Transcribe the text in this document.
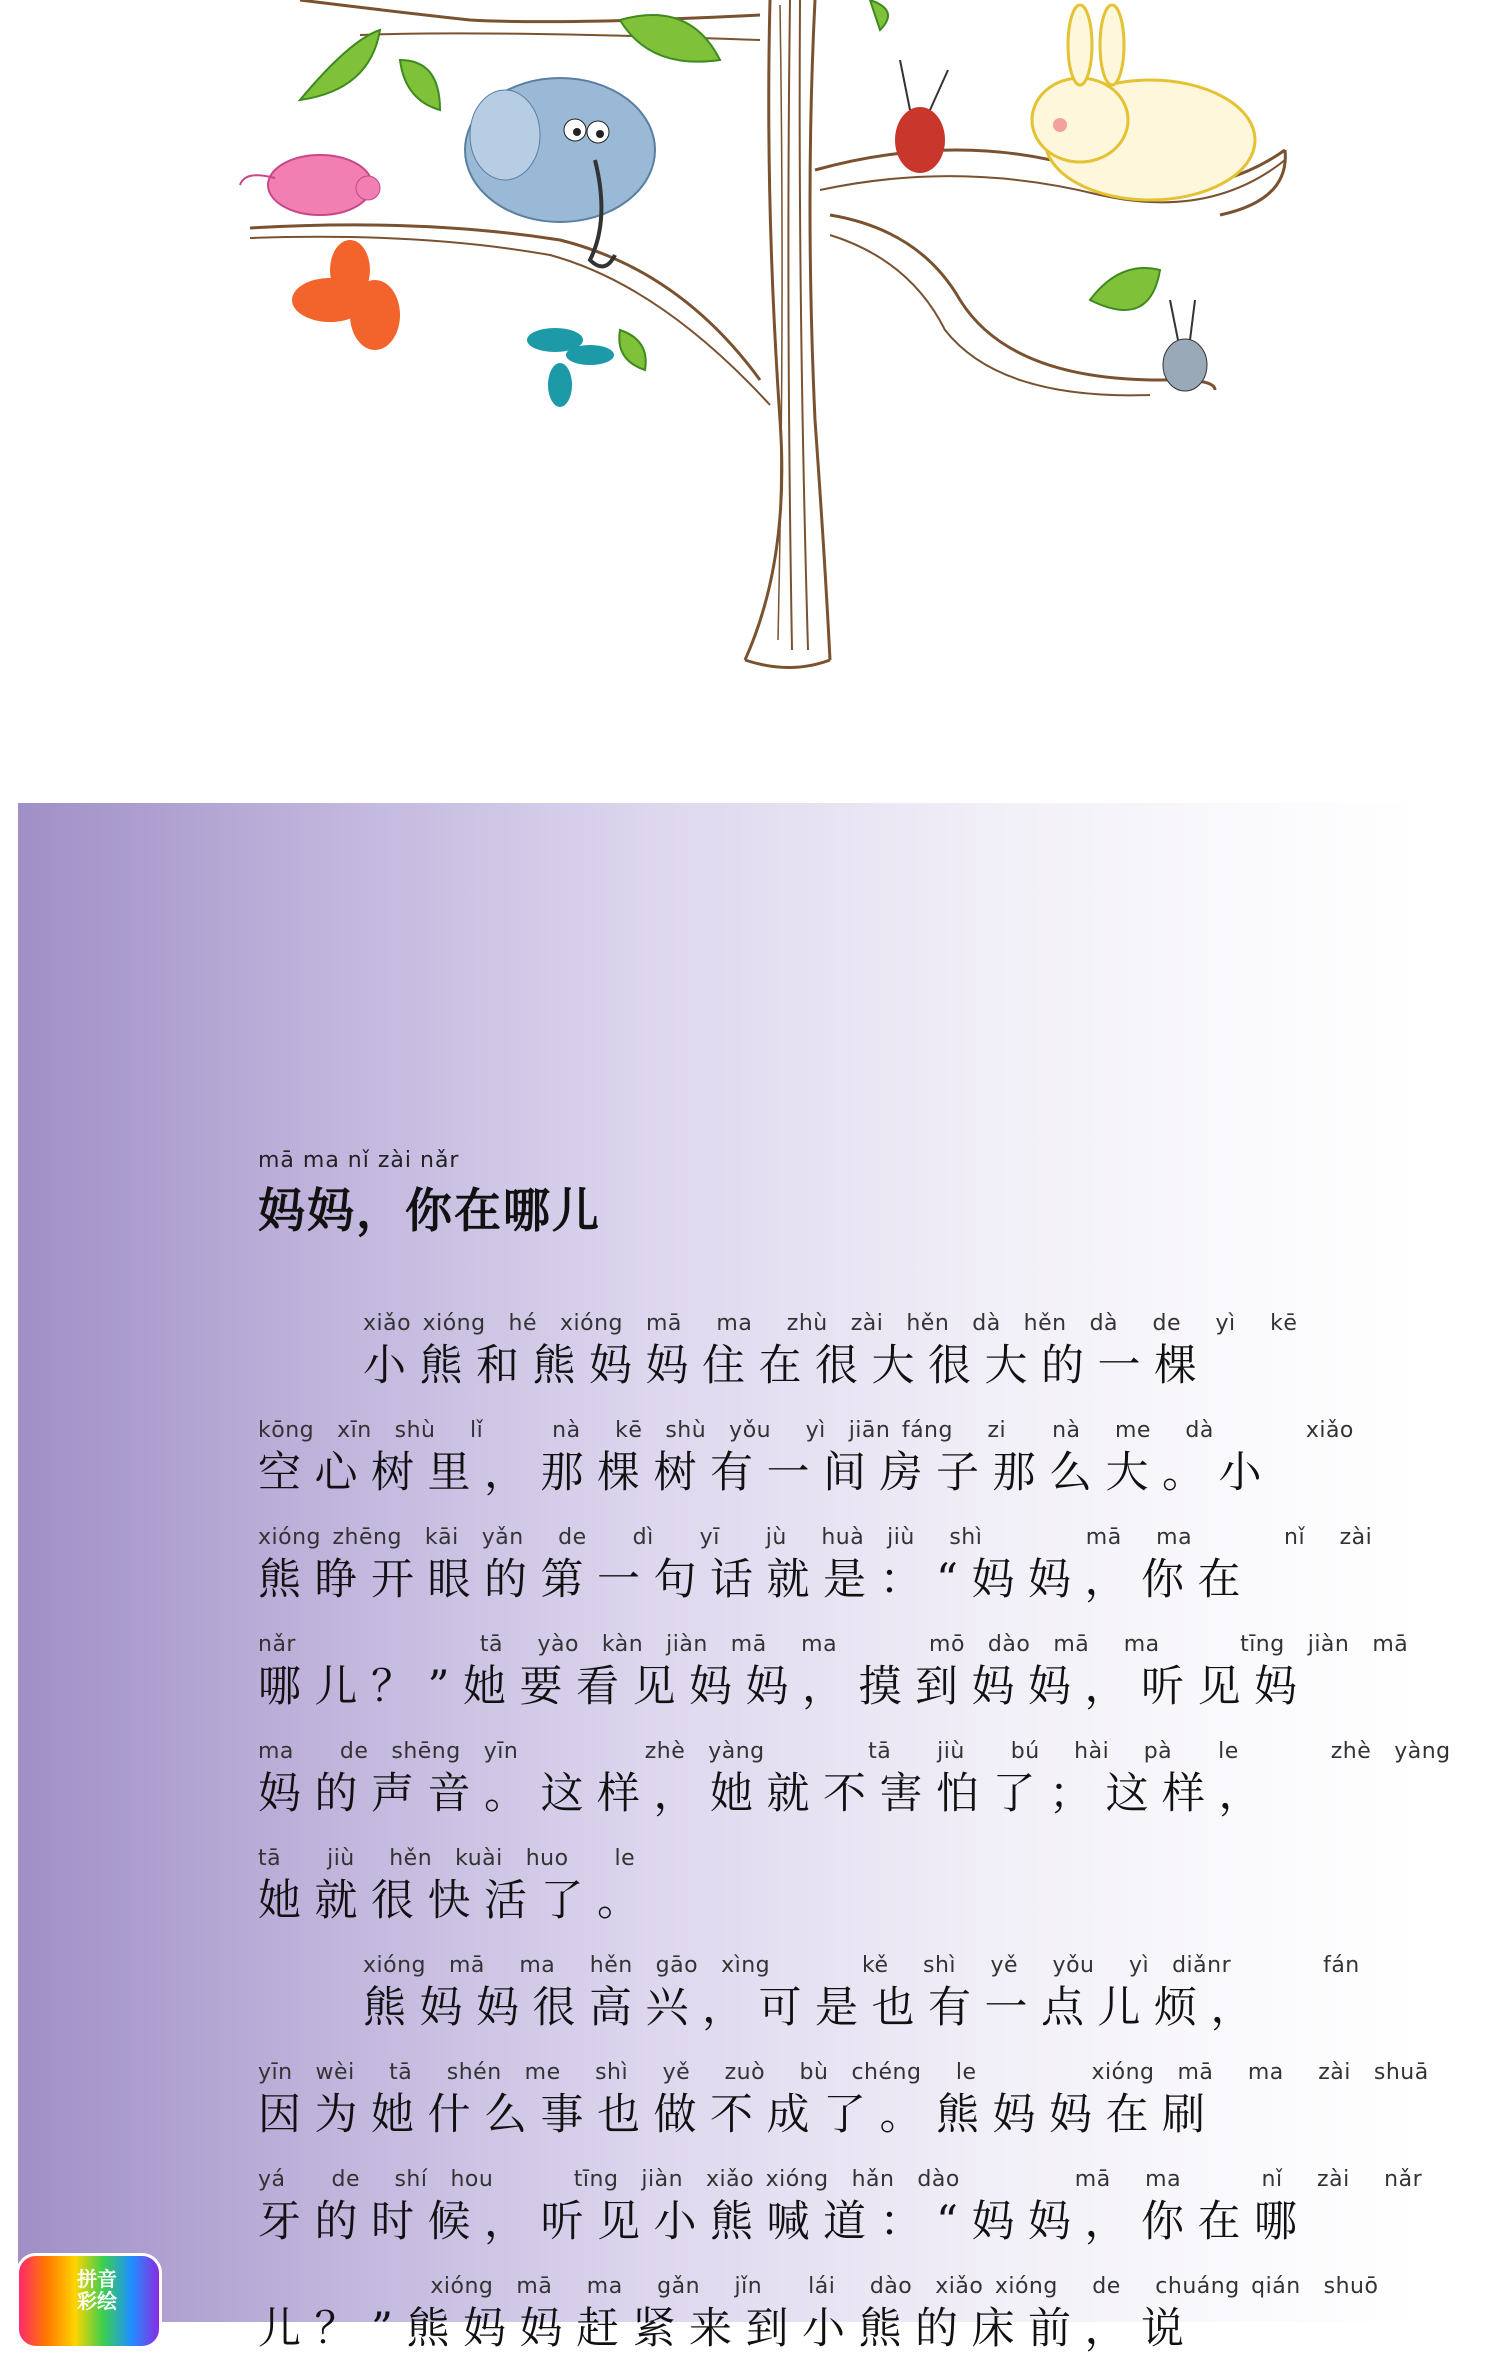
mā ma nǐ zài nǎr
妈妈，你在哪儿
xiǎo xióng  hé  xióng  mā   ma   zhù  zài  hěn  dà  hěn  dà   de   yì   kē
小熊和熊妈妈住在很大很大的一棵
kōng  xīn  shù   lǐ      nà   kē  shù  yǒu   yì  jiān fáng   zi    nà   me   dà        xiǎo
空心树里，那棵树有一间房子那么大。小
xióng zhēng  kāi  yǎn   de    dì    yī    jù   huà  jiù   shì         mā   ma        nǐ   zài
熊睁开眼的第一句话就是：“妈妈，你在
nǎr                tā   yào  kàn  jiàn  mā   ma        mō  dào  mā   ma       tīng  jiàn  mā
哪儿？”她要看见妈妈，摸到妈妈，听见妈
ma    de  shēng  yīn           zhè  yàng         tā    jiù    bú   hài   pà    le        zhè  yàng
妈的声音。这样，她就不害怕了；这样，
tā    jiù   hěn  kuài  huo    le
她就很快活了。
xióng  mā   ma   hěn  gāo  xìng        kě   shì   yě   yǒu   yì  diǎnr        fán
熊妈妈很高兴，可是也有一点儿烦，
yīn  wèi   tā   shén  me   shì   yě   zuò   bù  chéng   le          xióng  mā   ma   zài  shuā
因为她什么事也做不成了。熊妈妈在刷
yá    de   shí  hou       tīng  jiàn  xiǎo xióng  hǎn  dào          mā   ma       nǐ   zài   nǎr
牙的时候，听见小熊喊道：“妈妈，你在哪
xióng  mā   ma   gǎn   jǐn    lái   dào  xiǎo xióng   de   chuáng qián  shuō
儿？”熊妈妈赶紧来到小熊的床前，说
拼音彩绘
